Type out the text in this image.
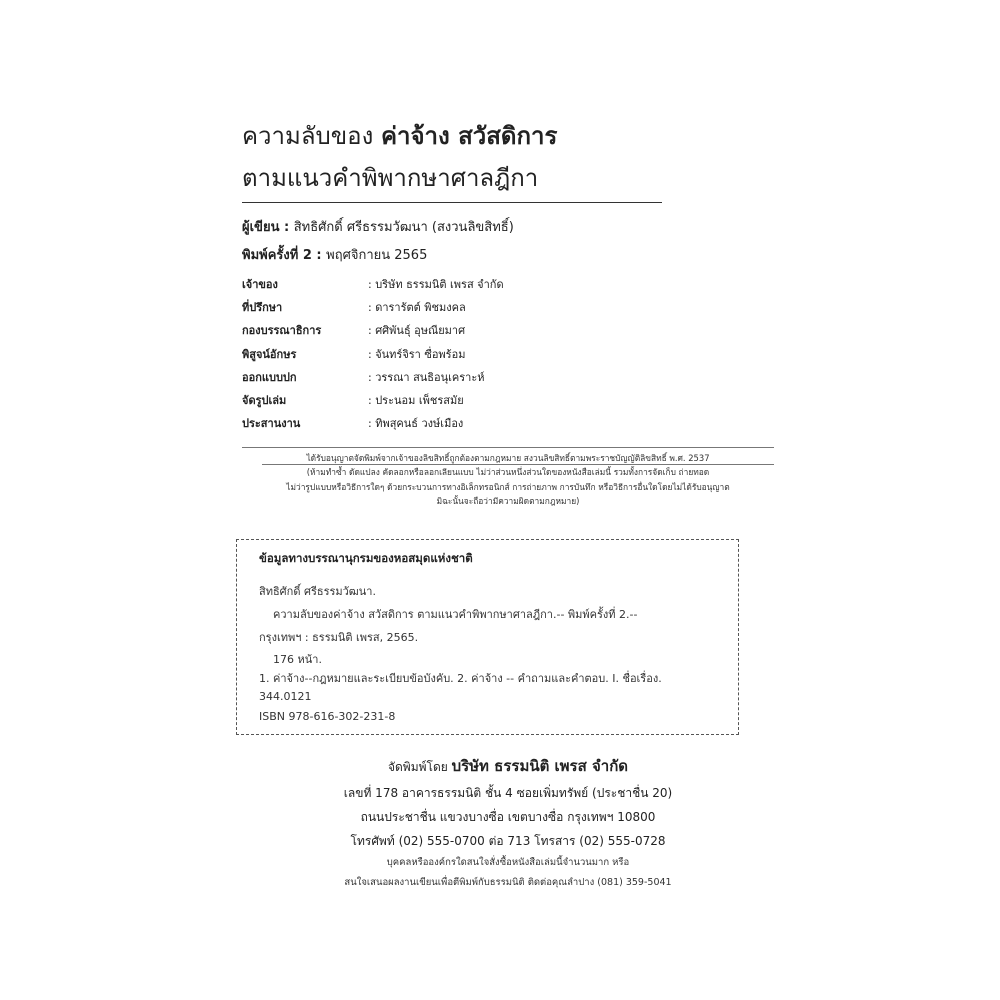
ความลับของ ค่าจ้าง สวัสดิการ
ตามแนวคำพิพากษาศาลฎีกา
ผู้เขียน : สิทธิศักดิ์ ศรีธรรมวัฒนา (สงวนลิขสิทธิ์)
พิมพ์ครั้งที่ 2 : พฤศจิกายน 2565
เจ้าของ	: บริษัท ธรรมนิติ เพรส จำกัด
ที่ปรึกษา	: ดารารัตต์ พิชมงคล
กองบรรณาธิการ	: ศศิพันธุ์ อุษณียมาศ
พิสูจน์อักษร	: จันทร์จิรา ซื่อพร้อม
ออกแบบปก	: วรรณา สนธิอนุเคราะห์
จัดรูปเล่ม	: ประนอม เพ็ชรสมัย
ประสานงาน	: ทิพสุคนธ์ วงษ์เมือง
ได้รับอนุญาตจัดพิมพ์จากเจ้าของลิขสิทธิ์ถูกต้องตามกฎหมาย สงวนลิขสิทธิ์ตามพระราชบัญญัติลิขสิทธิ์ พ.ศ. 2537
(ห้ามทำซ้ำ ดัดแปลง คัดลอกหรือลอกเลียนแบบ ไม่ว่าส่วนหนึ่งส่วนใดของหนังสือเล่มนี้ รวมทั้งการจัดเก็บ ถ่ายทอด
ไม่ว่ารูปแบบหรือวิธีการใดๆ ด้วยกระบวนการทางอิเล็กทรอนิกส์ การถ่ายภาพ การบันทึก หรือวิธีการอื่นใดโดยไม่ได้รับอนุญาต
มิฉะนั้นจะถือว่ามีความผิดตามกฎหมาย)
ข้อมูลทางบรรณานุกรมของหอสมุดแห่งชาติ
สิทธิศักดิ์ ศรีธรรมวัฒนา.
ความลับของค่าจ้าง สวัสดิการ ตามแนวคำพิพากษาศาลฎีกา.-- พิมพ์ครั้งที่ 2.--
กรุงเทพฯ : ธรรมนิติ เพรส, 2565.
176 หน้า.
1. ค่าจ้าง--กฎหมายและระเบียบข้อบังคับ. 2. ค่าจ้าง -- คำถามและคำตอบ. I. ชื่อเรื่อง.
344.0121
ISBN 978-616-302-231-8
จัดพิมพ์โดย บริษัท ธรรมนิติ เพรส จำกัด
เลขที่ 178 อาคารธรรมนิติ ชั้น 4 ซอยเพิ่มทรัพย์ (ประชาชื่น 20)
ถนนประชาชื่น แขวงบางซื่อ เขตบางซื่อ กรุงเทพฯ 10800
โทรศัพท์ (02) 555-0700 ต่อ 713 โทรสาร (02) 555-0728
บุคคลหรือองค์กรใดสนใจสั่งซื้อหนังสือเล่มนี้จำนวนมาก หรือ
สนใจเสนอผลงานเขียนเพื่อตีพิมพ์กับธรรมนิติ ติดต่อคุณลำปาง (081) 359-5041
